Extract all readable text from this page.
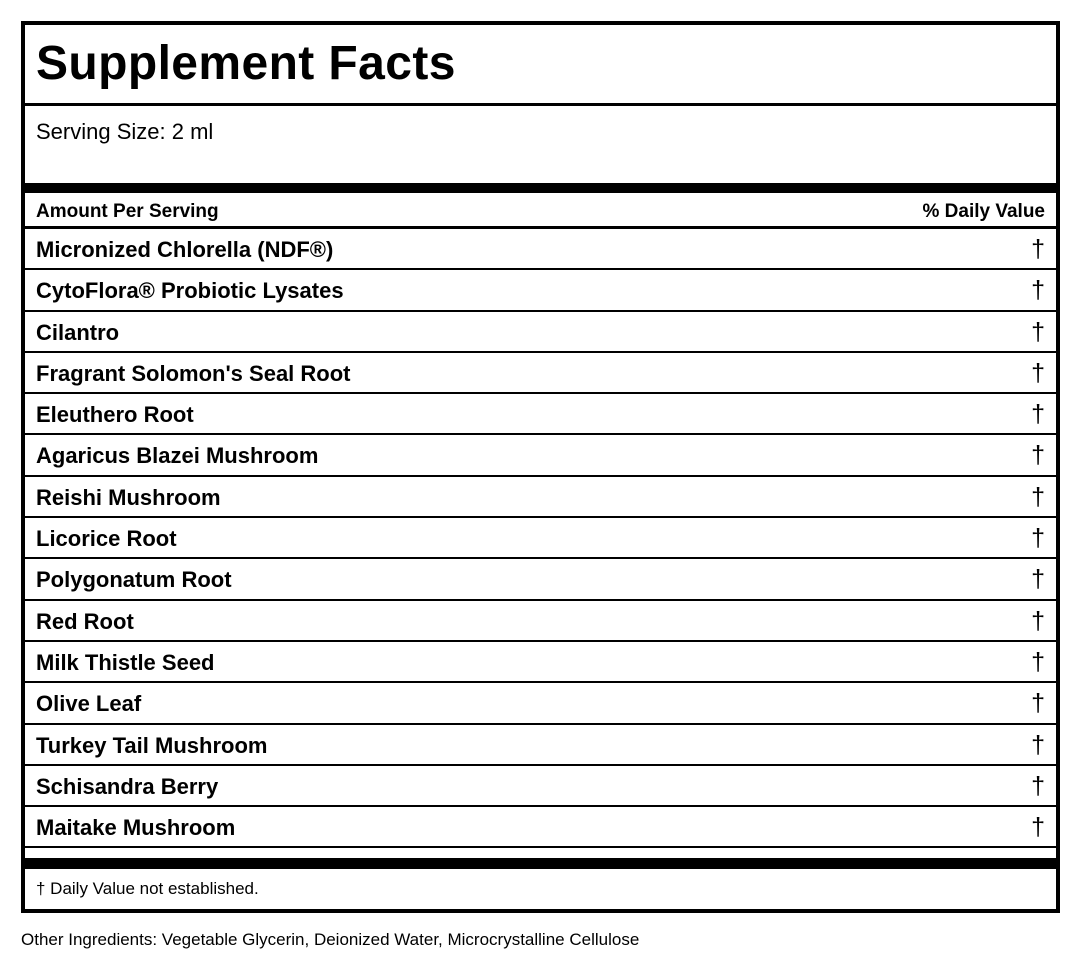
Supplement Facts
Serving Size: 2 ml
Amount Per Serving	% Daily Value
Micronized Chlorella (NDF®)	†
CytoFlora® Probiotic Lysates	†
Cilantro	†
Fragrant Solomon's Seal Root	†
Eleuthero Root	†
Agaricus Blazei Mushroom	†
Reishi Mushroom	†
Licorice Root	†
Polygonatum Root	†
Red Root	†
Milk Thistle Seed	†
Olive Leaf	†
Turkey Tail Mushroom	†
Schisandra Berry	†
Maitake Mushroom	†
† Daily Value not established.
Other Ingredients: Vegetable Glycerin, Deionized Water, Microcrystalline Cellulose
